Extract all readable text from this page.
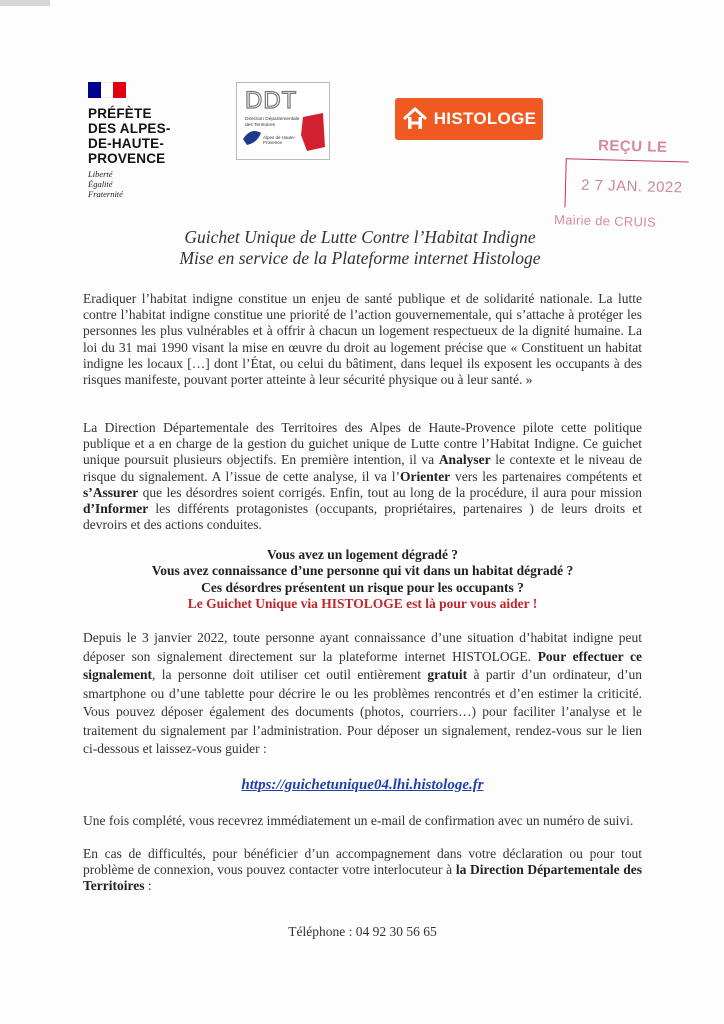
PRÉFÈTE
DES ALPES-
DE-HAUTE-
PROVENCE
Liberté
Égalité
Fraternité
DDT
Direction Départementale des Territoires
Alpes de Haute-Provence
HISTOLOGE
REÇU LE
2 7 JAN. 2022
Mairie de CRUIS
Guichet Unique de Lutte Contre l’Habitat Indigne
Mise en service de la Plateforme internet Histologe
Eradiquer l’habitat indigne constitue un enjeu de santé publique et de solidarité nationale. La lutte contre l’habitat indigne constitue une priorité de l’action gouvernementale, qui s’attache à protéger les personnes les plus vulnérables et à offrir à chacun un logement respectueux de la dignité humaine. La loi du 31 mai 1990 visant la mise en œuvre du droit au logement précise que « Constituent un habitat indigne les locaux […] dont l’État, ou celui du bâtiment, dans lequel ils exposent les occupants à des risques manifeste, pouvant porter atteinte à leur sécurité physique ou à leur santé. »
La Direction Départementale des Territoires des Alpes de Haute-Provence pilote cette politique publique et a en charge de la gestion du guichet unique de Lutte contre l’Habitat Indigne. Ce guichet unique poursuit plusieurs objectifs. En première intention, il va Analyser le contexte et le niveau de risque du signalement. A l’issue de cette analyse, il va l’Orienter vers les partenaires compétents et s’Assurer que les désordres soient corrigés. Enfin, tout au long de la procédure, il aura pour mission d’Informer les différents protagonistes (occupants, propriétaires, partenaires ) de leurs droits et devroirs et des actions conduites.
Vous avez un logement dégradé ?
Vous avez connaissance d’une personne qui vit dans un habitat dégradé ?
Ces désordres présentent un risque pour les occupants ?
Le Guichet Unique via HISTOLOGE est là pour vous aider !
Depuis le 3 janvier 2022, toute personne ayant connaissance d’une situation d’habitat indigne peut déposer son signalement directement sur la plateforme internet HISTOLOGE. Pour effectuer ce signalement, la personne doit utiliser cet outil entièrement gratuit à partir d’un ordinateur, d’un smartphone ou d’une tablette pour décrire le ou les problèmes rencontrés et d’en estimer la criticité. Vous pouvez déposer également des documents (photos, courriers…) pour faciliter l’analyse et le traitement du signalement par l’administration. Pour déposer un signalement, rendez-vous sur le lien ci-dessous et laissez-vous guider :
https://guichetunique04.lhi.histologe.fr
Une fois complété, vous recevrez immédiatement un e-mail de confirmation avec un numéro de suivi.
En cas de difficultés, pour bénéficier d’un accompagnement dans votre déclaration ou pour tout problème de connexion, vous pouvez contacter votre interlocuteur à la Direction Départementale des Territoires :
Téléphone : 04 92 30 56 65
